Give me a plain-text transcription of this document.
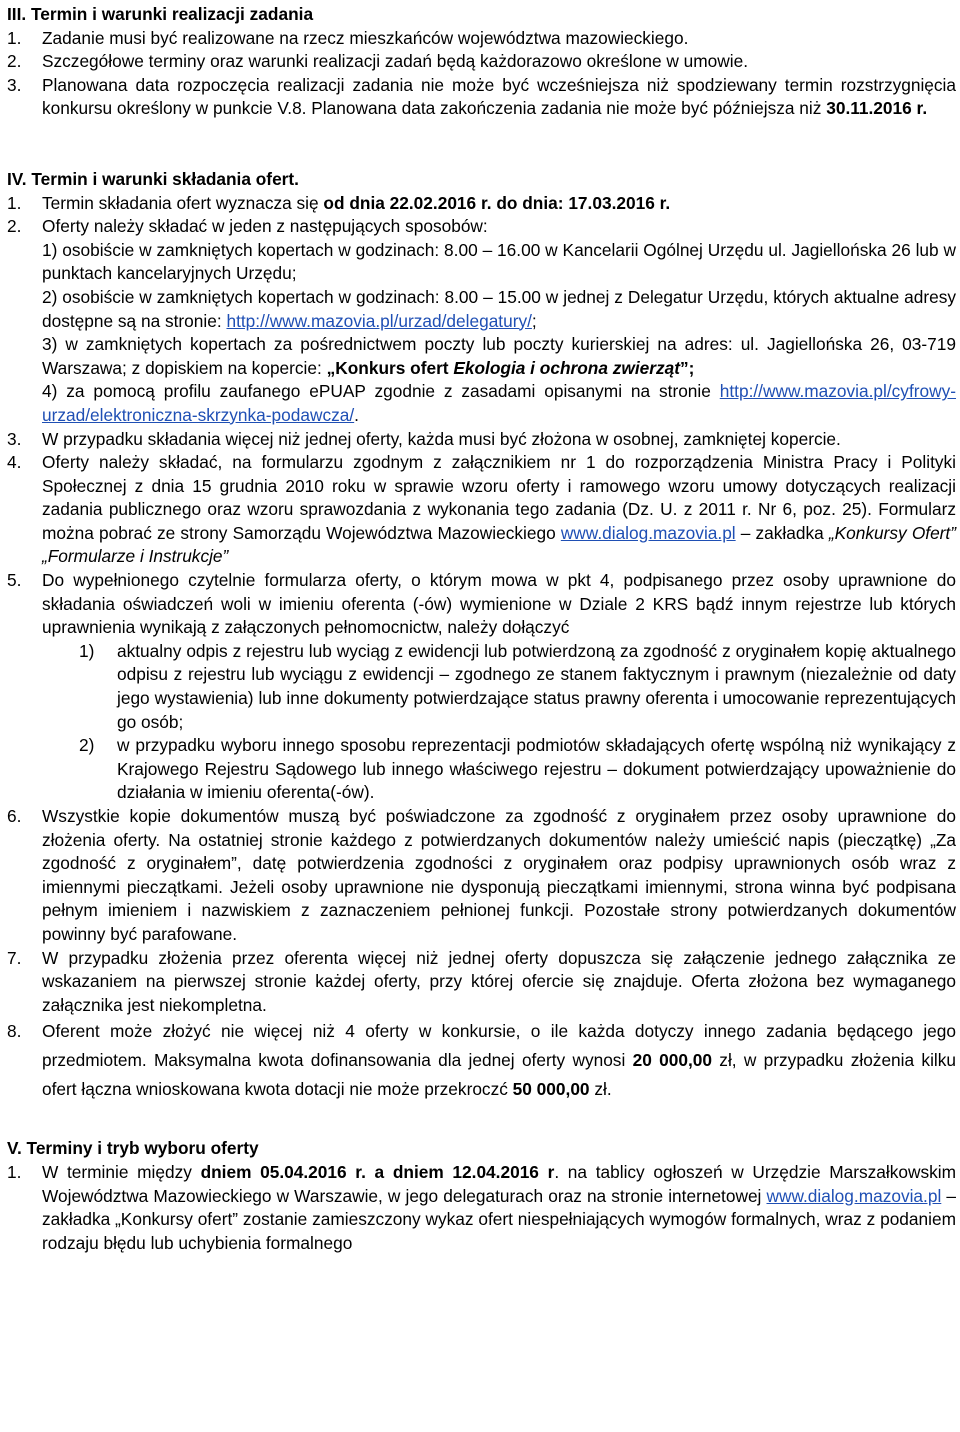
III. Termin i warunki realizacji zadania
1.	Zadanie musi być realizowane na rzecz mieszkańców województwa mazowieckiego.
2.	Szczegółowe terminy oraz warunki realizacji zadań będą każdorazowo określone w umowie.
3.	Planowana data rozpoczęcia realizacji zadania nie może być wcześniejsza niż spodziewany termin rozstrzygnięcia konkursu określony w punkcie V.8. Planowana data zakończenia zadania nie może być późniejsza niż 30.11.2016 r.
IV. Termin i warunki składania ofert.
1.	Termin składania ofert wyznacza się od dnia 22.02.2016 r. do dnia: 17.03.2016 r.
2.	Oferty należy składać w jeden z następujących sposobów:
1) osobiście w zamkniętych kopertach w godzinach: 8.00 – 16.00 w Kancelarii Ogólnej Urzędu ul. Jagiellońska 26 lub w punktach kancelaryjnych Urzędu;
2) osobiście w zamkniętych kopertach w godzinach: 8.00 – 15.00 w jednej z Delegatur Urzędu, których aktualne adresy dostępne są na stronie: http://www.mazovia.pl/urzad/delegatury/;
3) w zamkniętych kopertach za pośrednictwem poczty lub poczty kurierskiej na adres: ul. Jagiellońska 26, 03-719 Warszawa; z dopiskiem na kopercie: „Konkurs ofert Ekologia i ochrona zwierząt”;
4) za pomocą profilu zaufanego ePUAP zgodnie z zasadami opisanymi na stronie http://www.mazovia.pl/cyfrowy-urzad/elektroniczna-skrzynka-podawcza/.
3.	W przypadku składania więcej niż jednej oferty, każda musi być złożona w osobnej, zamkniętej kopercie.
4.	Oferty należy składać, na formularzu zgodnym z załącznikiem nr 1 do rozporządzenia Ministra Pracy i Polityki Społecznej z dnia 15 grudnia 2010 roku w sprawie wzoru oferty i ramowego wzoru umowy dotyczących realizacji zadania publicznego oraz wzoru sprawozdania z wykonania tego zadania (Dz. U. z 2011 r. Nr 6, poz. 25). Formularz można pobrać ze strony Samorządu Województwa Mazowieckiego www.dialog.mazovia.pl – zakładka „Konkursy Ofert” „Formularze i Instrukcje”
5.	Do wypełnionego czytelnie formularza oferty, o którym mowa w pkt 4, podpisanego przez osoby uprawnione do składania oświadczeń woli w imieniu oferenta (-ów) wymienione w Dziale 2 KRS bądź innym rejestrze lub których uprawnienia wynikają z załączonych pełnomocnictw, należy dołączyć
1)	aktualny odpis z rejestru lub wyciąg z ewidencji lub potwierdzoną za zgodność z oryginałem kopię aktualnego odpisu z rejestru lub wyciągu z ewidencji – zgodnego ze stanem faktycznym i prawnym (niezależnie od daty jego wystawienia) lub inne dokumenty potwierdzające status prawny oferenta i umocowanie reprezentujących go osób;
2)	w przypadku wyboru innego sposobu reprezentacji podmiotów składających ofertę wspólną niż wynikający z Krajowego Rejestru Sądowego lub innego właściwego rejestru – dokument potwierdzający upoważnienie do działania w imieniu oferenta(-ów).
6.	Wszystkie kopie dokumentów muszą być poświadczone za zgodność z oryginałem przez osoby uprawnione do złożenia oferty. Na ostatniej stronie każdego z potwierdzanych dokumentów należy umieścić napis (pieczątkę) „Za zgodność z oryginałem”, datę potwierdzenia zgodności z oryginałem oraz podpisy uprawnionych osób wraz z imiennymi pieczątkami. Jeżeli osoby uprawnione nie dysponują pieczątkami imiennymi, strona winna być podpisana pełnym imieniem i nazwiskiem z zaznaczeniem pełnionej funkcji. Pozostałe strony potwierdzanych dokumentów powinny być parafowane.
7.	W przypadku złożenia przez oferenta więcej niż jednej oferty dopuszcza się załączenie jednego załącznika ze wskazaniem na pierwszej stronie każdej oferty, przy której ofercie się znajduje. Oferta złożona bez wymaganego załącznika jest niekompletna.
8.	Oferent może złożyć nie więcej niż 4 oferty w konkursie, o ile każda dotyczy innego zadania będącego jego przedmiotem. Maksymalna kwota dofinansowania dla jednej oferty wynosi 20 000,00 zł, w przypadku złożenia kilku ofert łączna wnioskowana kwota dotacji nie może przekroczć 50 000,00 zł.
V. Terminy i tryb wyboru oferty
1.	W terminie między dniem 05.04.2016 r. a dniem 12.04.2016 r. na tablicy ogłoszeń w Urzędzie Marszałkowskim Województwa Mazowieckiego w Warszawie, w jego delegaturach oraz na stronie internetowej www.dialog.mazovia.pl – zakładka „Konkursy ofert” zostanie zamieszczony wykaz ofert niespełniających wymogów formalnych, wraz z podaniem rodzaju błędu lub uchybienia formalnego
